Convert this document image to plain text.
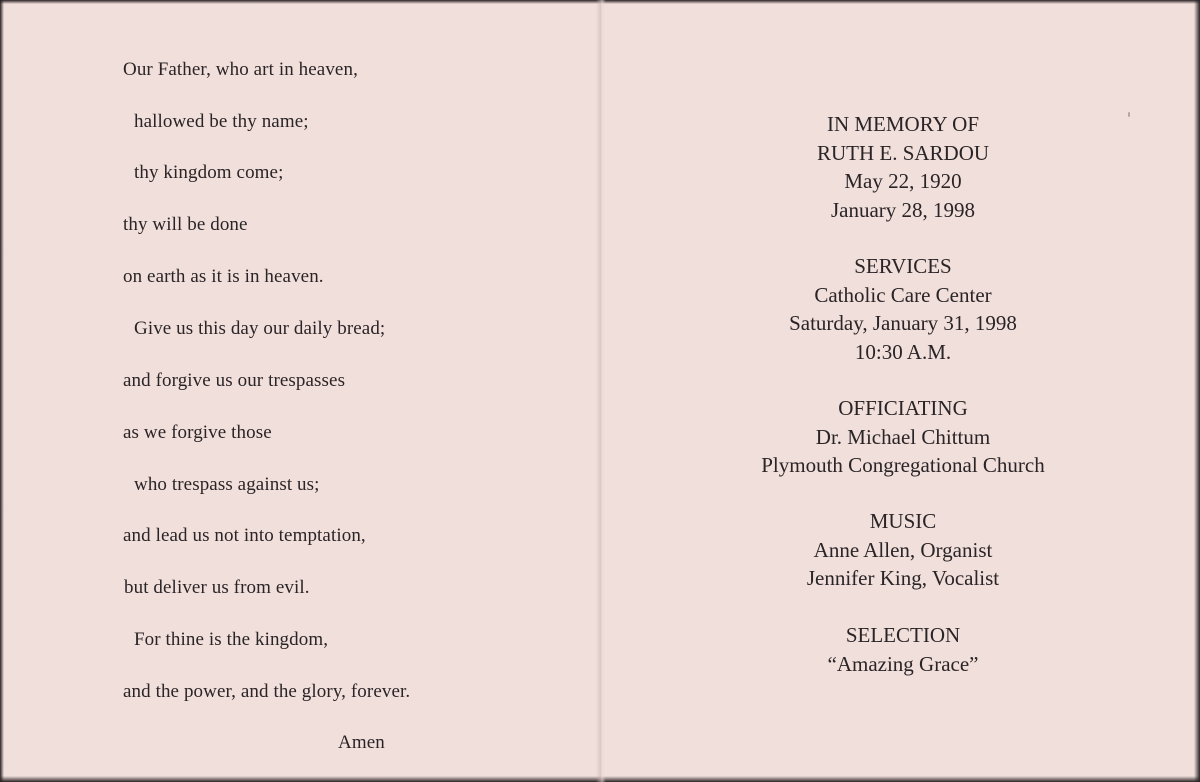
Our Father, who art in heaven,
hallowed be thy name;
thy kingdom come;
thy will be done
on earth as it is in heaven.
Give us this day our daily bread;
and forgive us our trespasses
as we forgive those
who trespass against us;
and lead us not into temptation,
but deliver us from evil.
For thine is the kingdom,
and the power, and the glory, forever.
Amen
IN MEMORY OF
RUTH E. SARDOU
May 22, 1920
January 28, 1998
SERVICES
Catholic Care Center
Saturday, January 31, 1998
10:30 A.M.
OFFICIATING
Dr. Michael Chittum
Plymouth Congregational Church
MUSIC
Anne Allen, Organist
Jennifer King, Vocalist
SELECTION
“Amazing Grace”
